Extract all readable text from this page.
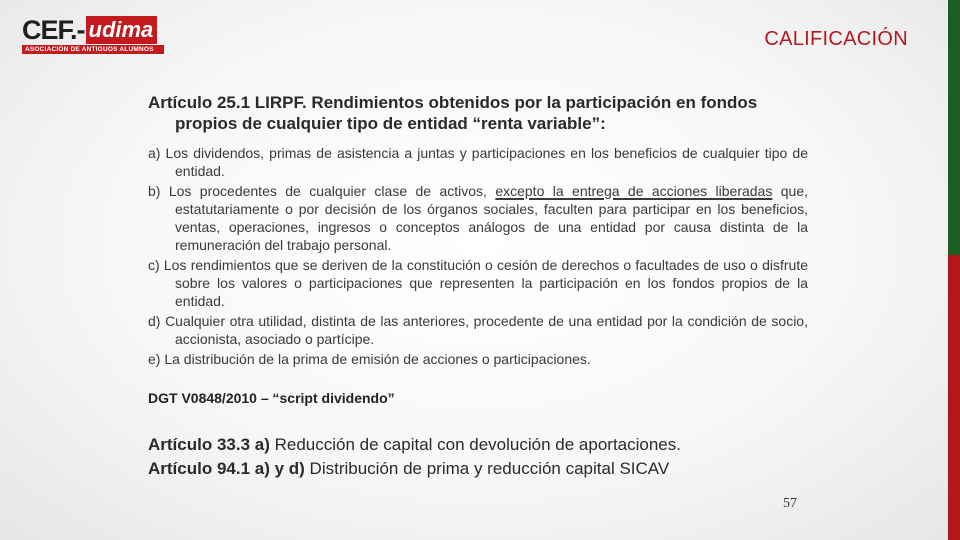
CEF.- udima
ASOCIACIÓN DE ANTIGUOS ALUMNOS	CALIFICACIÓN

Artículo 25.1 LIRPF. Rendimientos obtenidos por la participación en fondos propios de cualquier tipo de entidad “renta variable”:

a) Los dividendos, primas de asistencia a juntas y participaciones en los beneficios de cualquier tipo de entidad.

b) Los procedentes de cualquier clase de activos, excepto la entrega de acciones liberadas que, estatutariamente o por decisión de los órganos sociales, faculten para participar en los beneficios, ventas, operaciones, ingresos o conceptos análogos de una entidad por causa distinta de la remuneración del trabajo personal.

c) Los rendimientos que se deriven de la constitución o cesión de derechos o facultades de uso o disfrute sobre los valores o participaciones que representen la participación en los fondos propios de la entidad.

d) Cualquier otra utilidad, distinta de las anteriores, procedente de una entidad por la condición de socio, accionista, asociado o partícipe.

e) La distribución de la prima de emisión de acciones o participaciones.

DGT V0848/2010 – “script dividendo”
Artículo 33.3 a) Reducción de capital con devolución de aportaciones.
Artículo 94.1 a) y d) Distribución de prima y reducción capital SICAV
57
